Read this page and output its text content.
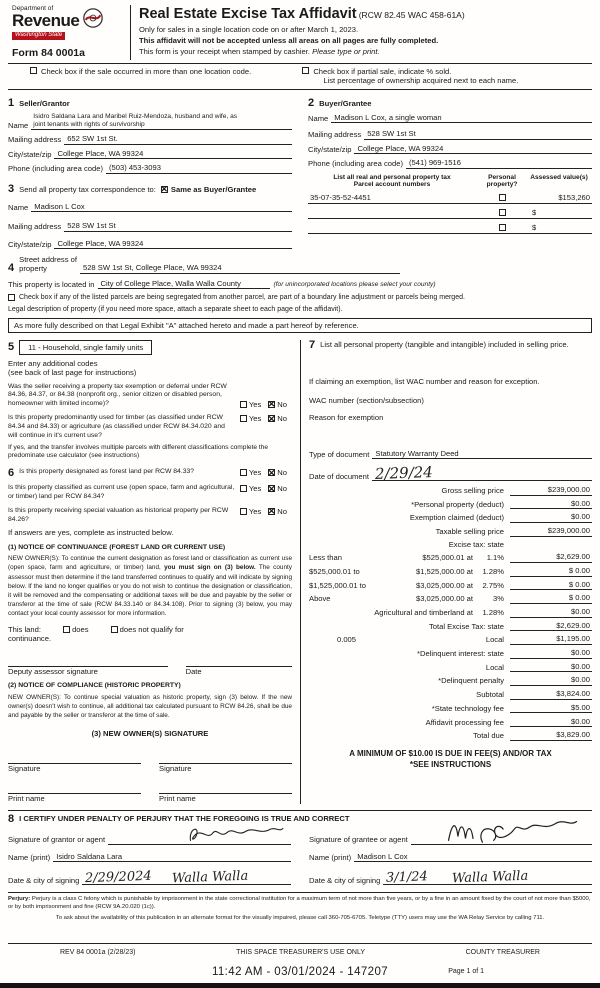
Department of
Revenue
Washington State
Form 84 0001a
Real Estate Excise Tax Affidavit (RCW 82.45 WAC 458-61A)
Only for sales in a single location code on or after March 1, 2023.
This affidavit will not be accepted unless all areas on all pages are fully completed.
This form is your receipt when stamped by cashier. Please type or print.
Check box if the sale occurred in more than one location code.	Check box if partial sale, indicate % sold.
List percentage of ownership acquired next to each name.
1 Seller/Grantor
Name
Isidro Saldana Lara and Maribel Ruiz-Mendoza, husband and wife, as
joint tenants with rights of survivorship
Mailing address 652 SW 1st St.
City/state/zip College Place, WA 99324
Phone (including area code) (503) 453-3093
3 Send all property tax correspondence to: ✕ Same as Buyer/Grantee
Name Madison L Cox
Mailing address 528 SW 1st St
City/state/zip College Place, WA 99324
2 Buyer/Grantee
Name Madison L Cox, a single woman
Mailing address 528 SW 1st St
City/state/zip College Place, WA 99324
Phone (including area code) (541) 969-1516
List all real and personal property tax
Parcel account numbers
Personal property?
Assessed value(s)
35-07-35-52-4451	$153,260
$
$
4
Street address of
property	528 SW 1st St, College Place, WA 99324
This property is located in City of College Place, Walla Walla County	(for unincorporated locations please select your county)
Check box if any of the listed parcels are being segregated from another parcel, are part of a boundary line adjustment or parcels being merged.
Legal description of property (if you need more space, attach a separate sheet to each page of the affidavit).
As more fully described on that Legal Exhibit "A" attached hereto and made a part hereof by reference.
5	11 - Household, single family units
Enter any additional codes
(see back of last page for instructions)
Was the seller receiving a property tax exemption or deferral under RCW 84.36, 84.37, or 84.38 (nonprofit org., senior citizen or disabled person, homeowner with limited income)?	Yes ✕ No
Is this property predominantly used for timber (as classified under RCW 84.34 and 84.33) or agriculture (as classified under RCW 84.34.020 and will continue in it's current use?
Yes ✕ No
If yes, and the transfer involves multiple parcels with different classifications complete the predominate use calculator (see instructions)
6 Is this property designated as forest land per RCW 84.33?	Yes ✕ No
Is this property classified as current use (open space, farm and agricultural, or timber) land per RCW 84.34?
Yes ✕ No
Is this property receiving special valuation as historical property per RCW 84.26?
Yes ✕ No
If answers are yes, complete as instructed below.
(1) NOTICE OF CONTINUANCE (FOREST LAND OR CURRENT USE)
NEW OWNER(S): To continue the current designation as forest land or classification as current use (open space, farm and agriculture, or timber) land, you must sign on (3) below. The county assessor must then determine if the land transferred continues to qualify and will indicate by signing below. If the land no longer qualifies or you do not wish to continue the designation or classification, it will be removed and the compensating or additional taxes will be due and payable by the seller or transferor at the time of sale (RCW 84.33.140 or 84.34.108). Prior to signing (3) below, you may contact your local county assessor for more information.
This land:	does	does not qualify for
continuance.
Deputy assessor signature	Date
(2) NOTICE OF COMPLIANCE (HISTORIC PROPERTY)
NEW OWNER(S): To continue special valuation as historic property, sign (3) below. If the new owner(s) doesn't wish to continue, all additional tax calculated pursuant to RCW 84.26, shall be due and payable by the seller or transferor at the time of sale.
(3) NEW OWNER(S) SIGNATURE
Signature	Signature
Print name	Print name
7 List all personal property (tangible and intangible) included in selling price.
If claiming an exemption, list WAC number and reason for exception.
WAC number (section/subsection)
Reason for exemption
Type of document Statutory Warranty Deed
Date of document 2/29/24
Gross selling price	$239,000.00
*Personal property (deduct)	$0.00
Exemption claimed (deduct)	$0.00
Taxable selling price	$239,000.00
Excise tax: state
Less than	$525,000.01 at	1.1%	$2,629.00
$525,000.01 to	$1,525,000.00 at	1.28%	$ 0.00
$1,525,000.01 to	$3,025,000.00 at	2.75%	$ 0.00
Above	$3,025,000.00 at	3%	$ 0.00
Agricultural and timberland at	1.28%	$0.00
Total Excise Tax: state	$2,629.00
0.005	Local	$1,195.00
*Delinquent interest: state	$0.00
Local	$0.00
*Delinquent penalty	$0.00
Subtotal	$3,824.00
*State technology fee	$5.00
Affidavit processing fee	$0.00
Total due	$3,829.00
A MINIMUM OF $10.00 IS DUE IN FEE(S) AND/OR TAX
*SEE INSTRUCTIONS
8 I CERTIFY UNDER PENALTY OF PERJURY THAT THE FOREGOING IS TRUE AND CORRECT
Signature of grantor or agent
Name (print) Isidro Saldana Lara
Date & city of signing 2/29/2024 Walla Walla
Signature of grantee or agent
Name (print) Madison L Cox
Date & city of signing 3/1/24 Walla Walla
Perjury: Perjury is a class C felony which is punishable by imprisonment in the state correctional institution for a maximum term of not more than five years, or by a fine in an amount fixed by the court of not more than $5000, or by both imprisonment and fine (RCW 9A.20.020 (1c)).
To ask about the availability of this publication in an alternate format for the visually impaired, please call 360-705-6705. Teletype (TTY) users may use the WA Relay Service by calling 711.
REV 84 0001a (2/28/23)	THIS SPACE TREASURER'S USE ONLY	COUNTY TREASURER
11:42 AM - 03/01/2024 - 147207	Page 1 of 1
